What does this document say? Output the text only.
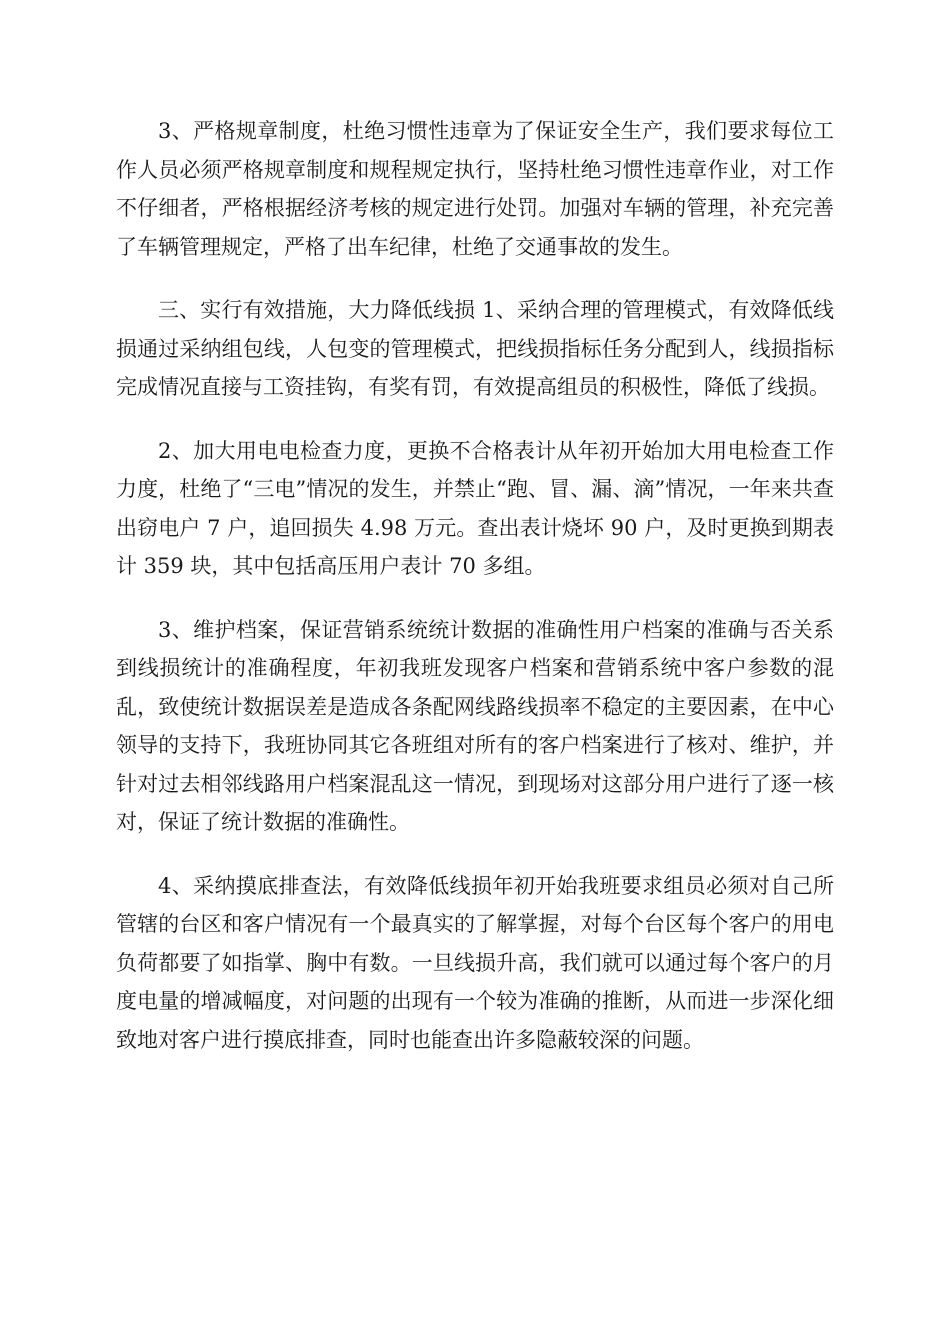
3、严格规章制度，杜绝习惯性违章为了保证安全生产，我们要求每位工作人员必须严格规章制度和规程规定执行，坚持杜绝习惯性违章作业，对工作不仔细者，严格根据经济考核的规定进行处罚。加强对车辆的管理，补充完善了车辆管理规定，严格了出车纪律，杜绝了交通事故的发生。

三、实行有效措施，大力降低线损 1、采纳合理的管理模式，有效降低线损通过采纳组包线，人包变的管理模式，把线损指标任务分配到人，线损指标完成情况直接与工资挂钩，有奖有罚，有效提高组员的积极性，降低了线损。

2、加大用电电检查力度，更换不合格表计从年初开始加大用电检查工作力度，杜绝了“三电”情况的发生，并禁止“跑、冒、漏、滴”情况，一年来共查出窃电户 7 户，追回损失 4.98 万元。查出表计烧坏 90 户，及时更换到期表计 359 块，其中包括高压用户表计 70 多组。

3、维护档案，保证营销系统统计数据的准确性用户档案的准确与否关系到线损统计的准确程度，年初我班发现客户档案和营销系统中客户参数的混乱，致使统计数据误差是造成各条配网线路线损率不稳定的主要因素，在中心领导的支持下，我班协同其它各班组对所有的客户档案进行了核对、维护，并针对过去相邻线路用户档案混乱这一情况，到现场对这部分用户进行了逐一核对，保证了统计数据的准确性。

4、采纳摸底排查法，有效降低线损年初开始我班要求组员必须对自己所管辖的台区和客户情况有一个最真实的了解掌握，对每个台区每个客户的用电负荷都要了如指掌、胸中有数。一旦线损升高，我们就可以通过每个客户的月度电量的增减幅度，对问题的出现有一个较为准确的推断，从而进一步深化细致地对客户进行摸底排查，同时也能查出许多隐蔽较深的问题。
